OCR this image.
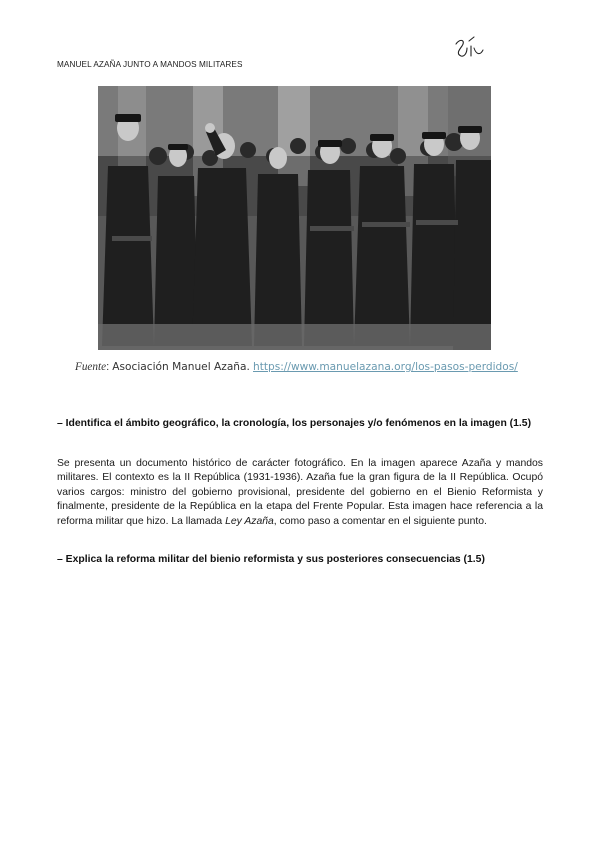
MANUEL AZAÑA JUNTO A MANDOS MILITARES
Fuente: Asociación Manuel Azaña. https://www.manuelazana.org/los-pasos-perdidos/
– Identifica el ámbito geográfico, la cronología, los personajes y/o fenómenos en la imagen (1.5)
Se presenta un documento histórico de carácter fotográfico. En la imagen aparece Azaña y mandos militares. El contexto es la II República (1931-1936). Azaña fue la gran figura de la II República. Ocupó varios cargos: ministro del gobierno provisional, presidente del gobierno en el Bienio Reformista y finalmente, presidente de la República en la etapa del Frente Popular. Esta imagen hace referencia a la reforma militar que hizo. La llamada Ley Azaña, como paso a comentar en el siguiente punto.
– Explica la reforma militar del bienio reformista y sus posteriores consecuencias (1.5)
